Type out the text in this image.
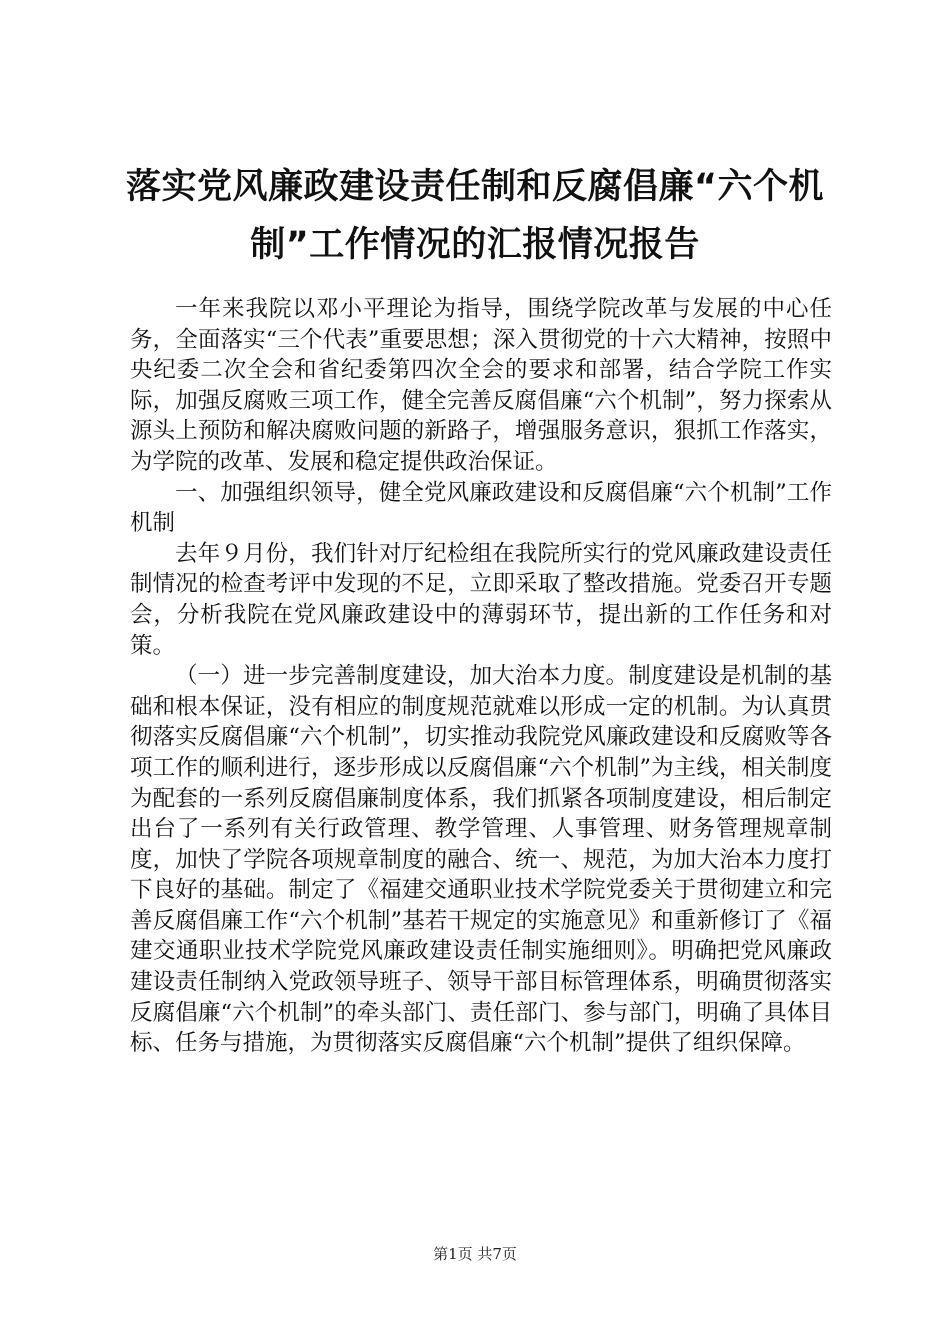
落实党风廉政建设责任制和反腐倡廉“六个机制”工作情况的汇报情况报告

一年来我院以邓小平理论为指导，围绕学院改革与发展的中心任务，全面落实“三个代表”重要思想；深入贯彻党的十六大精神，按照中央纪委二次全会和省纪委第四次全会的要求和部署，结合学院工作实际，加强反腐败三项工作，健全完善反腐倡廉“六个机制”，努力探索从源头上预防和解决腐败问题的新路子，增强服务意识，狠抓工作落实，为学院的改革、发展和稳定提供政治保证。

一、加强组织领导，健全党风廉政建设和反腐倡廉“六个机制”工作机制

去年９月份，我们针对厅纪检组在我院所实行的党风廉政建设责任制情况的检查考评中发现的不足，立即采取了整改措施。党委召开专题会，分析我院在党风廉政建设中的薄弱环节，提出新的工作任务和对策。

（一）进一步完善制度建设，加大治本力度。制度建设是机制的基础和根本保证，没有相应的制度规范就难以形成一定的机制。为认真贯彻落实反腐倡廉“六个机制”，切实推动我院党风廉政建设和反腐败等各项工作的顺利进行，逐步形成以反腐倡廉“六个机制”为主线，相关制度为配套的一系列反腐倡廉制度体系，我们抓紧各项制度建设，相后制定出台了一系列有关行政管理、教学管理、人事管理、财务管理规章制度，加快了学院各项规章制度的融合、统一、规范，为加大治本力度打下良好的基础。制定了《福建交通职业技术学院党委关于贯彻建立和完善反腐倡廉工作“六个机制”基若干规定的实施意见》和重新修订了《福建交通职业技术学院党风廉政建设责任制实施细则》。明确把党风廉政建设责任制纳入党政领导班子、领导干部目标管理体系，明确贯彻落实反腐倡廉“六个机制”的牵头部门、责任部门、参与部门，明确了具体目标、任务与措施，为贯彻落实反腐倡廉“六个机制”提供了组织保障。

第1页 共7页
